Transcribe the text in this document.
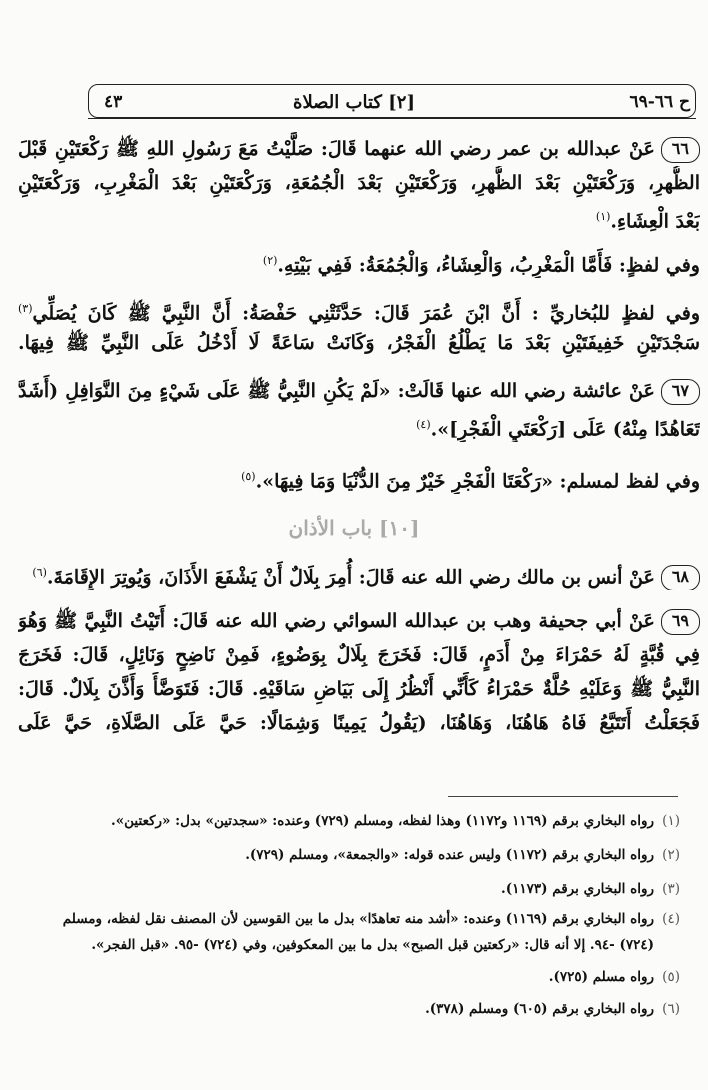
ح ٦٦-٦٩
[٢] كتاب الصلاة
٤٣
٦٦عَنْ عبدالله بن عمر رضي الله عنهما قَالَ: صَلَّيْتُ مَعَ رَسُولِ اللهِ ﷺ رَكْعَتَيْنِ قَبْلَ
الظُّهرِ، وَرَكْعَتَيْنِ بَعْدَ الظُّهرِ، وَرَكْعَتَيْنِ بَعْدَ الْجُمُعَةِ، وَرَكْعَتَيْنِ بَعْدَ الْمَغْرِبِ، وَرَكْعَتَيْنِ
بَعْدَ الْعِشَاءِ.$^{(١)}$
وفي لفظٍ: فَأَمَّا الْمَغْرِبُ، وَالْعِشَاءُ، وَالْجُمُعَةُ: فَفِي بَيْتِهِ.$^{(٢)}$
وفي لفظٍ للبُخاريِّ : أَنَّ ابْنَ عُمَرَ قَالَ: حَدَّثَتْنِي حَفْصَةُ: أَنَّ النَّبِيَّ ﷺ كَانَ يُصَلِّي$^{(٣)}$
سَجْدَتَيْنِ خَفِيفَتَيْنِ بَعْدَ مَا يَطْلُعُ الْفَجْرُ، وَكَانَتْ سَاعَةً لَا أَدْخُلُ عَلَى النَّبِيِّ ﷺ فِيهَا.
٦٧عَنْ عائشة رضي الله عنها قَالَتْ: «لَمْ يَكُنِ النَّبِيُّ ﷺ عَلَى شَيْءٍ مِنَ النَّوَافِلِ (أَشَدَّ
تَعَاهُدًا مِنْهُ) عَلَى [رَكْعَتَيِ الْفَجْرِ]».$^{(٤)}$
وفي لفظ لمسلم: «رَكْعَتَا الْفَجْرِ خَيْرٌ مِنَ الدُّنْيَا وَمَا فِيهَا».$^{(٥)}$
[١٠] باب الأذان
٦٨عَنْ أنس بن مالك رضي الله عنه قَالَ: أُمِرَ بِلَالٌ أَنْ يَشْفَعَ الأَذَانَ، وَيُوتِرَ الإِقَامَةَ.$^{(٦)}$
٦٩عَنْ أبي جحيفة وهب بن عبدالله السوائي رضي الله عنه قَالَ: أَتَيْتُ النَّبِيَّ ﷺ وَهُوَ
فِي قُبَّةٍ لَهُ حَمْرَاءَ مِنْ أَدَمٍ، قَالَ: فَخَرَجَ بِلَالٌ بِوَضُوءٍ، فَمِنْ نَاضِحٍ وَنَائِلٍ، قَالَ: فَخَرَجَ
النَّبِيُّ ﷺ وَعَلَيْهِ حُلَّةٌ حَمْرَاءُ كَأَنِّي أَنْظُرُ إِلَى بَيَاضِ سَاقَيْهِ. قَالَ: فَتَوَضَّأَ وَأَذَّنَ بِلَالٌ. قَالَ:
فَجَعَلْتُ أَتَتَبَّعُ فَاهُ هَاهُنَا، وَهَاهُنَا، (يَقُولُ يَمِينًا وَشِمَالًا: حَيَّ عَلَى الصَّلَاةِ، حَيَّ عَلَى
(١)رواه البخاري برقم (١١٦٩ و١١٧٢) وهذا لفظه، ومسلم (٧٢٩) وعنده: «سجدتين» بدل: «ركعتين».
(٢)رواه البخاري برقم (١١٧٢) وليس عنده قوله: «والجمعة»، ومسلم (٧٢٩).
(٣)رواه البخاري برقم (١١٧٣).
(٤)رواه البخاري برقم (١١٦٩) وعنده: «أشد منه تعاهدًا» بدل ما بين القوسين لأن المصنف نقل لفظه، ومسلم
(٧٢٤) -٩٤. إلا أنه قال: «ركعتين قبل الصبح» بدل ما بين المعكوفين، وفي (٧٢٤) -٩٥. «قبل الفجر».
(٥)رواه مسلم (٧٢٥).
(٦)رواه البخاري برقم (٦٠٥) ومسلم (٣٧٨).
